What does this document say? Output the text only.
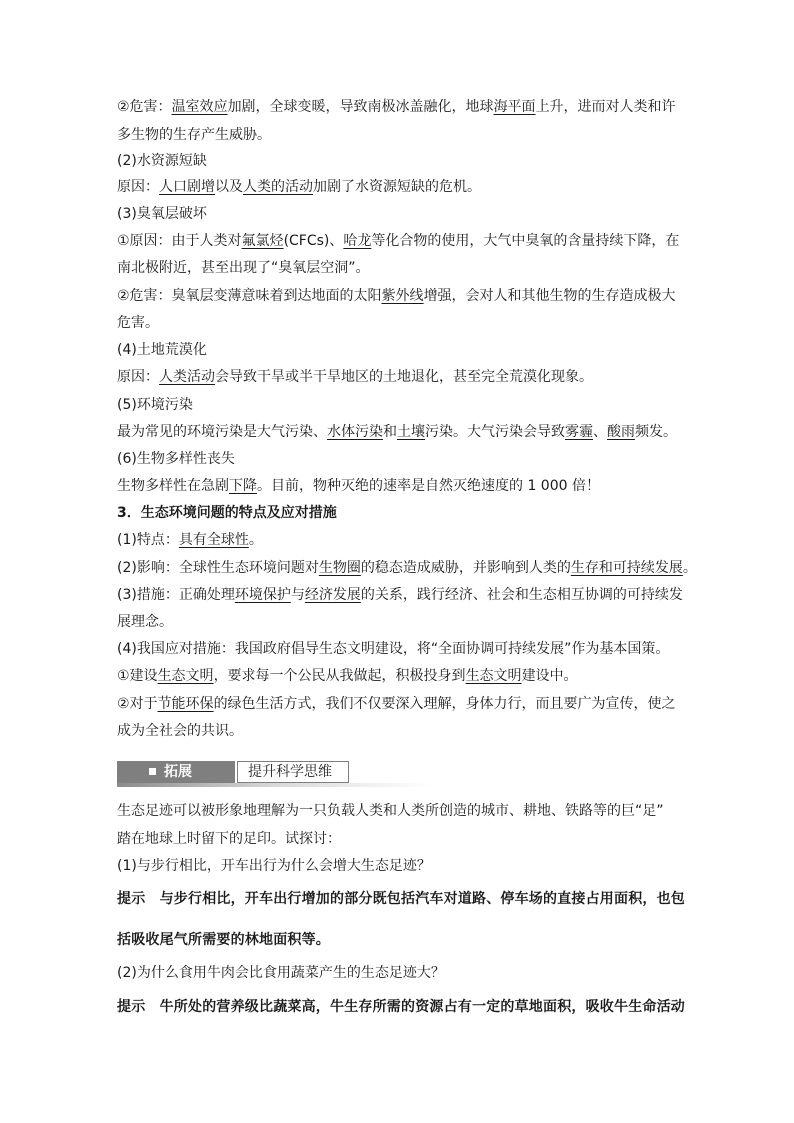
②危害：温室效应加剧，全球变暖，导致南极冰盖融化，地球海平面上升，进而对人类和许
多生物的生存产生威胁。
(2)水资源短缺
原因：人口剧增以及人类的活动加剧了水资源短缺的危机。
(3)臭氧层破坏
①原因：由于人类对氟氯烃(CFCs)、哈龙等化合物的使用，大气中臭氧的含量持续下降，在
南北极附近，甚至出现了“臭氧层空洞”。
②危害：臭氧层变薄意味着到达地面的太阳紫外线增强，会对人和其他生物的生存造成极大
危害。
(4)土地荒漠化
原因：人类活动会导致干旱或半干旱地区的土地退化，甚至完全荒漠化现象。
(5)环境污染
最为常见的环境污染是大气污染、水体污染和土壤污染。大气污染会导致雾霾、酸雨频发。
(6)生物多样性丧失
生物多样性在急剧下降。目前，物种灭绝的速率是自然灭绝速度的 1 000 倍！
3．生态环境问题的特点及应对措施
(1)特点：具有全球性。
(2)影响：全球性生态环境问题对生物圈的稳态造成威胁，并影响到人类的生存和可持续发展。
(3)措施：正确处理环境保护与经济发展的关系，践行经济、社会和生态相互协调的可持续发
展理念。
(4)我国应对措施：我国政府倡导生态文明建设，将“全面协调可持续发展”作为基本国策。
①建设生态文明，要求每一个公民从我做起，积极投身到生态文明建设中。
②对于节能环保的绿色生活方式，我们不仅要深入理解，身体力行，而且要广为宣传，使之
成为全社会的共识。
拓展	提升科学思维
生态足迹可以被形象地理解为一只负载人类和人类所创造的城市、耕地、铁路等的巨“足”
踏在地球上时留下的足印。试探讨：
(1)与步行相比，开车出行为什么会增大生态足迹？
提示　与步行相比，开车出行增加的部分既包括汽车对道路、停车场的直接占用面积，也包
括吸收尾气所需要的林地面积等。
(2)为什么食用牛肉会比食用蔬菜产生的生态足迹大？
提示　牛所处的营养级比蔬菜高，牛生存所需的资源占有一定的草地面积，吸收牛生命活动
